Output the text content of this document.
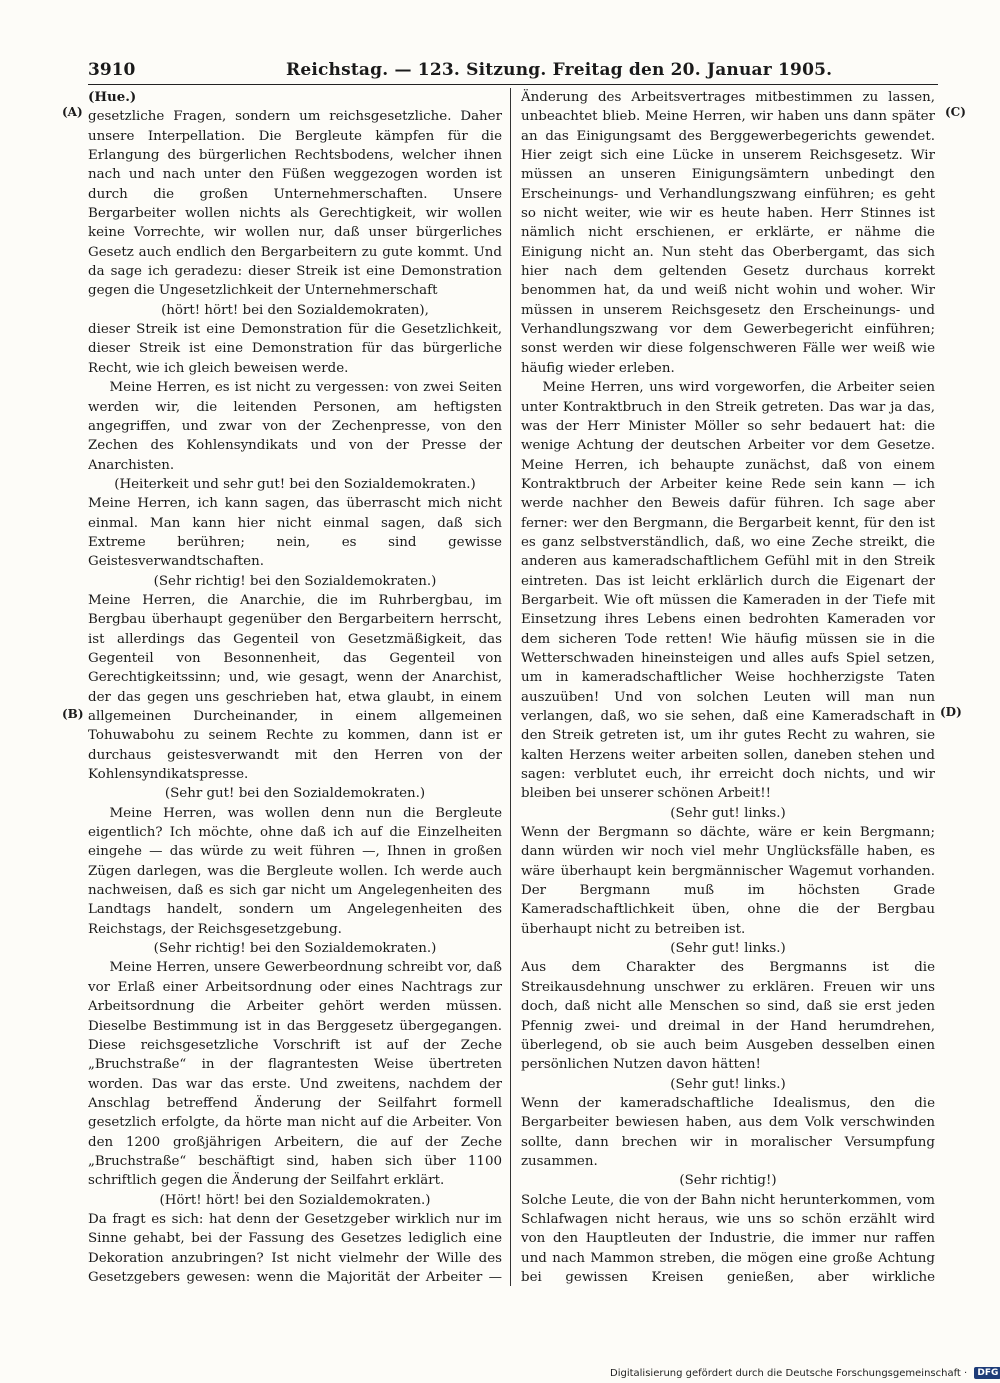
3910	Reichstag. — 123. Sitzung. Freitag den 20. Januar 1905.
(A)
(B)
(C)
(D)

(Hue.)

gesetzliche Fragen, sondern um reichsgesetzliche. Daher unsere Interpellation. Die Bergleute kämpfen für die Erlangung des bürgerlichen Rechtsbodens, welcher ihnen nach und nach unter den Füßen weggezogen worden ist durch die großen Unternehmerschaften. Unsere Bergarbeiter wollen nichts als Gerechtigkeit, wir wollen keine Vorrechte, wir wollen nur, daß unser bürgerliches Gesetz auch endlich den Bergarbeitern zu gute kommt. Und da sage ich geradezu: dieser Streik ist eine Demonstration gegen die Ungesetzlichkeit der Unternehmerschaft

(hört! hört! bei den Sozialdemokraten),

dieser Streik ist eine Demonstration für die Gesetzlichkeit, dieser Streik ist eine Demonstration für das bürgerliche Recht, wie ich gleich beweisen werde.

Meine Herren, es ist nicht zu vergessen: von zwei Seiten werden wir, die leitenden Personen, am heftigsten angegriffen, und zwar von der Zechenpresse, von den Zechen des Kohlensyndikats und von der Presse der Anarchisten.

(Heiterkeit und sehr gut! bei den Sozialdemokraten.)

Meine Herren, ich kann sagen, das überrascht mich nicht einmal. Man kann hier nicht einmal sagen, daß sich Extreme berühren; nein, es sind gewisse Geistesverwandtschaften.

(Sehr richtig! bei den Sozialdemokraten.)

Meine Herren, die Anarchie, die im Ruhrbergbau, im Bergbau überhaupt gegenüber den Bergarbeitern herrscht, ist allerdings das Gegenteil von Gesetzmäßigkeit, das Gegenteil von Besonnenheit, das Gegenteil von Gerechtigkeitssinn; und, wie gesagt, wenn der Anarchist, der das gegen uns geschrieben hat, etwa glaubt, in einem allgemeinen Durcheinander, in einem allgemeinen Tohuwabohu zu seinem Rechte zu kommen, dann ist er durchaus geistesverwandt mit den Herren von der Kohlensyndikatspresse.

(Sehr gut! bei den Sozialdemokraten.)

Meine Herren, was wollen denn nun die Bergleute eigentlich? Ich möchte, ohne daß ich auf die Einzelheiten eingehe — das würde zu weit führen —, Ihnen in großen Zügen darlegen, was die Bergleute wollen. Ich werde auch nachweisen, daß es sich gar nicht um Angelegenheiten des Landtags handelt, sondern um Angelegenheiten des Reichstags, der Reichsgesetzgebung.

(Sehr richtig! bei den Sozialdemokraten.)

Meine Herren, unsere Gewerbeordnung schreibt vor, daß vor Erlaß einer Arbeitsordnung oder eines Nachtrags zur Arbeitsordnung die Arbeiter gehört werden müssen. Dieselbe Bestimmung ist in das Berggesetz übergegangen. Diese reichsgesetzliche Vorschrift ist auf der Zeche „Bruchstraße“ in der flagrantesten Weise übertreten worden. Das war das erste. Und zweitens, nachdem der Anschlag betreffend Änderung der Seilfahrt formell gesetzlich erfolgte, da hörte man nicht auf die Arbeiter. Von den 1200 großjährigen Arbeitern, die auf der Zeche „Bruchstraße“ beschäftigt sind, haben sich über 1100 schriftlich gegen die Änderung der Seilfahrt erklärt.

(Hört! hört! bei den Sozialdemokraten.)

Da fragt es sich: hat denn der Gesetzgeber wirklich nur im Sinne gehabt, bei der Fassung des Gesetzes lediglich eine Dekoration anzubringen? Ist nicht vielmehr der Wille des Gesetzgebers gewesen: wenn die Majorität der Arbeiter —

Änderung des Arbeitsvertrages mitbestimmen zu lassen, unbeachtet blieb. Meine Herren, wir haben uns dann später an das Einigungsamt des Berggewerbegerichts gewendet. Hier zeigt sich eine Lücke in unserem Reichsgesetz. Wir müssen an unseren Einigungsämtern unbedingt den Erscheinungs- und Verhandlungszwang einführen; es geht so nicht weiter, wie wir es heute haben. Herr Stinnes ist nämlich nicht erschienen, er erklärte, er nähme die Einigung nicht an. Nun steht das Oberbergamt, das sich hier nach dem geltenden Gesetz durchaus korrekt benommen hat, da und weiß nicht wohin und woher. Wir müssen in unserem Reichsgesetz den Erscheinungs- und Verhandlungszwang vor dem Gewerbegericht einführen; sonst werden wir diese folgenschweren Fälle wer weiß wie häufig wieder erleben.

Meine Herren, uns wird vorgeworfen, die Arbeiter seien unter Kontraktbruch in den Streik getreten. Das war ja das, was der Herr Minister Möller so sehr bedauert hat: die wenige Achtung der deutschen Arbeiter vor dem Gesetze. Meine Herren, ich behaupte zunächst, daß von einem Kontraktbruch der Arbeiter keine Rede sein kann — ich werde nachher den Beweis dafür führen. Ich sage aber ferner: wer den Bergmann, die Bergarbeit kennt, für den ist es ganz selbstverständlich, daß, wo eine Zeche streikt, die anderen aus kameradschaftlichem Gefühl mit in den Streik eintreten. Das ist leicht erklärlich durch die Eigenart der Bergarbeit. Wie oft müssen die Kameraden in der Tiefe mit Einsetzung ihres Lebens einen bedrohten Kameraden vor dem sicheren Tode retten! Wie häufig müssen sie in die Wetterschwaden hineinsteigen und alles aufs Spiel setzen, um in kameradschaftlicher Weise hochherzigste Taten auszuüben! Und von solchen Leuten will man nun verlangen, daß, wo sie sehen, daß eine Kameradschaft in den Streik getreten ist, um ihr gutes Recht zu wahren, sie kalten Herzens weiter arbeiten sollen, daneben stehen und sagen: verblutet euch, ihr erreicht doch nichts, und wir bleiben bei unserer schönen Arbeit!!

(Sehr gut! links.)

Wenn der Bergmann so dächte, wäre er kein Bergmann; dann würden wir noch viel mehr Unglücksfälle haben, es wäre überhaupt kein bergmännischer Wagemut vorhanden. Der Bergmann muß im höchsten Grade Kameradschaftlichkeit üben, ohne die der Bergbau überhaupt nicht zu betreiben ist.

(Sehr gut! links.)

Aus dem Charakter des Bergmanns ist die Streikausdehnung unschwer zu erklären. Freuen wir uns doch, daß nicht alle Menschen so sind, daß sie erst jeden Pfennig zwei- und dreimal in der Hand herumdrehen, überlegend, ob sie auch beim Ausgeben desselben einen persönlichen Nutzen davon hätten!

(Sehr gut! links.)

Wenn der kameradschaftliche Idealismus, den die Bergarbeiter bewiesen haben, aus dem Volk verschwinden sollte, dann brechen wir in moralischer Versumpfung zusammen.

(Sehr richtig!)

Solche Leute, die von der Bahn nicht herunterkommen, vom Schlafwagen nicht heraus, wie uns so schön erzählt wird von den Hauptleuten der Industrie, die immer nur raffen und nach Mammon streben, die mögen eine große Achtung bei gewissen Kreisen genießen, aber wirkliche

Digitalisierung gefördert durch die Deutsche Forschungsgemeinschaft · DFG
